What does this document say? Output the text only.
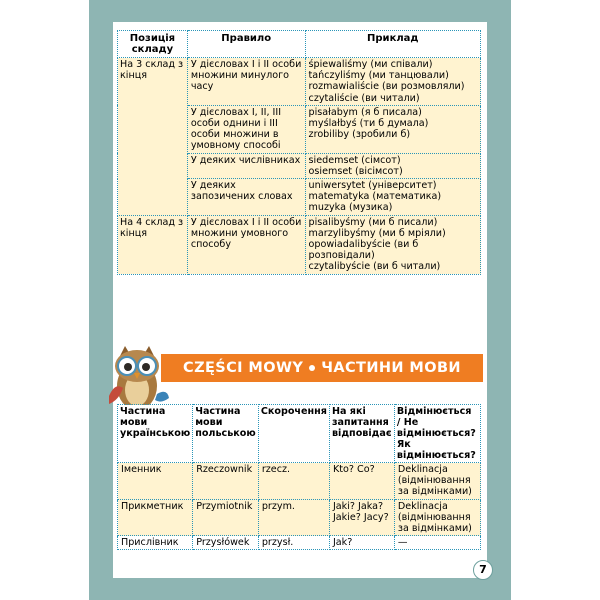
Позиція складу	Правило	Приклад
На 3 склад з кінця	У дієсловах I і II особи множини минулого часу	śpiewaliśmy (ми співали)
tańczyliśmy (ми танцювали)
rozmawialiście (ви розмовляли)
czytaliście (ви читали)

	У дієсловах I, II, III особи однини і III особи множини в умовному способі	pisałabym (я б писала)
myślałbyś (ти б думала)
zrobiliby (зробили б)

	У деяких числівниках	siedemset (сімсот)
osiemset (вісімсот)

	У деяких запозичених словах	uniwersytet (університет)
matematyka (математика)
muzyka (музика)

На 4 склад з кінця	У дієсловах I і II особи множини умовного способу	pisalibyśmy (ми б писали)
marzylibyśmy (ми б мріяли)
opowiadalibyście (ви б розповідали)
czytalibyście (ви б читали)
CZĘŚCI MOWY ЧАСТИНИ МОВИ
Частина мови українською	Частина мови польською	Скорочення	На які запитання відповідає	Відмінюється / Не відмінюється? Як відмінюється?
Іменник	Rzeczownik	rzecz.	Kto? Co?	Deklinacja (відмінювання за відмінками)
Прикметник	Przymiotnik	przym.	Jaki? Jaka? Jakie? Jacy?	Deklinacja (відмінювання за відмінками)
Прислівник	Przysłówek	przysł.	Jak?	—
7
